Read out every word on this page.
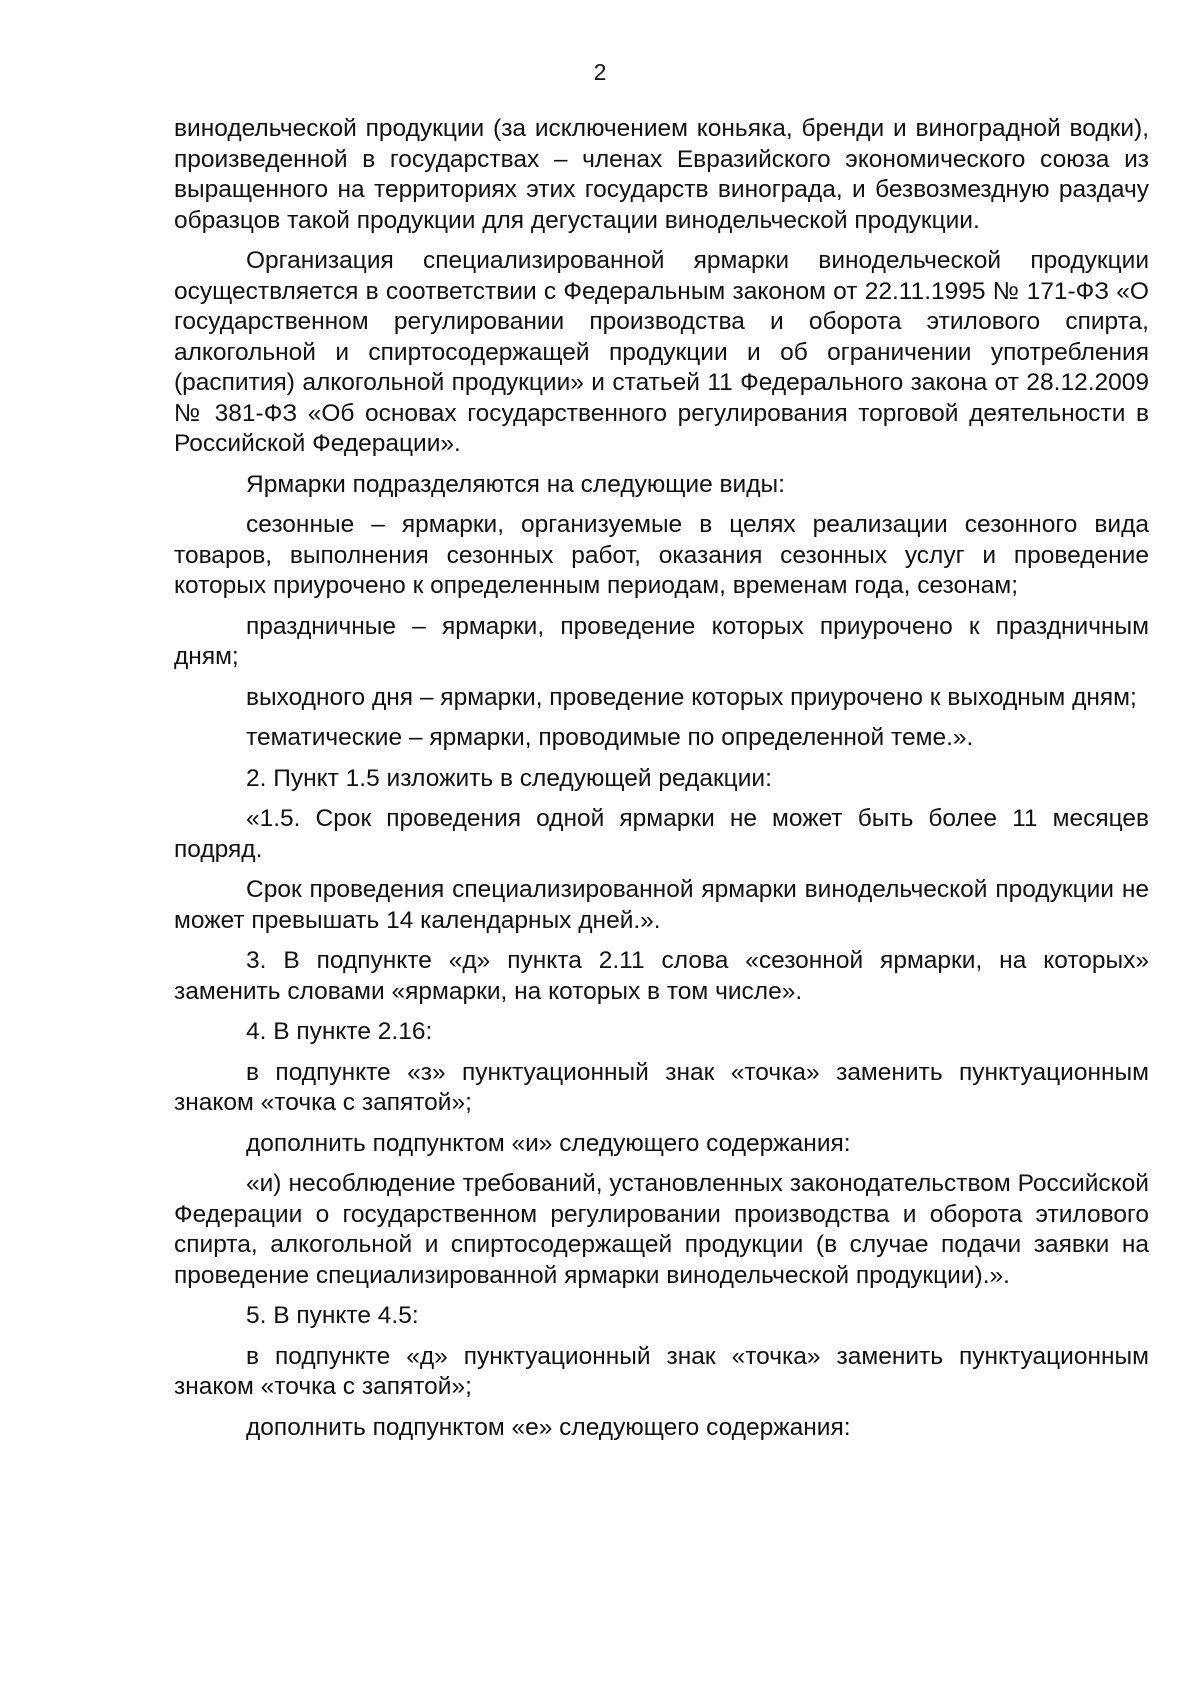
2

винодельческой продукции (за исключением коньяка, бренди и виноградной водки), произведенной в государствах – членах Евразийского экономического союза из выращенного на территориях этих государств винограда, и безвозмездную раздачу образцов такой продукции для дегустации винодельческой продукции.

Организация специализированной ярмарки винодельческой продукции осуществляется в соответствии с Федеральным законом от 22.11.1995 № 171-ФЗ «О государственном регулировании производства и оборота этилового спирта, алкогольной и спиртосодержащей продукции и об ограничении употребления (распития) алкогольной продукции» и статьей 11 Федерального закона от 28.12.2009 № 381-ФЗ «Об основах государственного регулирования торговой деятельности в Российской Федерации».

Ярмарки подразделяются на следующие виды:

сезонные – ярмарки, организуемые в целях реализации сезонного вида товаров, выполнения сезонных работ, оказания сезонных услуг и проведение которых приурочено к определенным периодам, временам года, сезонам;

праздничные – ярмарки, проведение которых приурочено к праздничным дням;

выходного дня – ярмарки, проведение которых приурочено к выходным дням;

тематические – ярмарки, проводимые по определенной теме.».

2. Пункт 1.5 изложить в следующей редакции:

«1.5. Срок проведения одной ярмарки не может быть более 11 месяцев подряд.

Срок проведения специализированной ярмарки винодельческой продукции не может превышать 14 календарных дней.».

3. В подпункте «д» пункта 2.11 слова «сезонной ярмарки, на которых» заменить словами «ярмарки, на которых в том числе».

4. В пункте 2.16:

в подпункте «з» пунктуационный знак «точка» заменить пунктуационным знаком «точка с запятой»;

дополнить подпунктом «и» следующего содержания:

«и) несоблюдение требований, установленных законодательством Российской Федерации о государственном регулировании производства и оборота этилового спирта, алкогольной и спиртосодержащей продукции (в случае подачи заявки на проведение специализированной ярмарки винодельческой продукции).».

5. В пункте 4.5:

в подпункте «д» пунктуационный знак «точка» заменить пунктуационным знаком «точка с запятой»;

дополнить подпунктом «е» следующего содержания:
